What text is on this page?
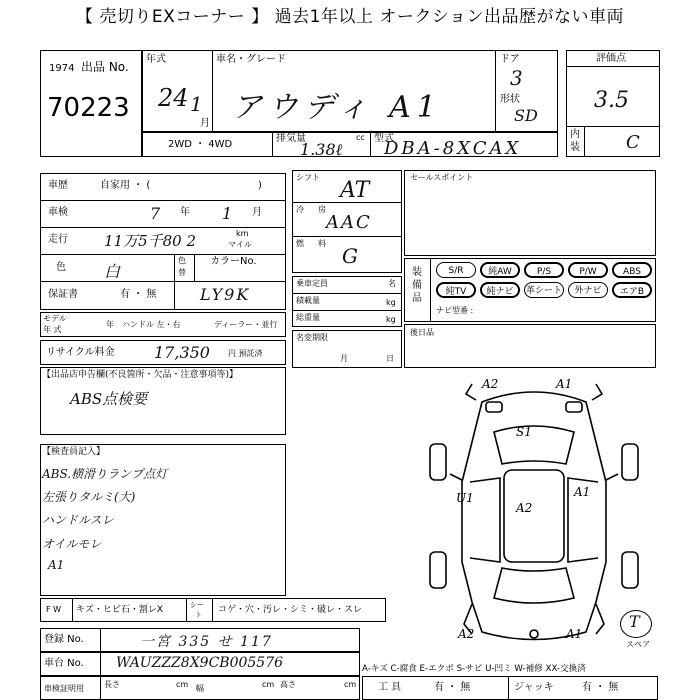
【 売切りEXコーナー 】 過去1年以上 オークション出品歴がない車両
1974 出品 No.
70223
年式
24 1
月
車名・グレード
アウディ A1
ドア
3
形状
SD
評価点
3.5
内
装	C
2WD ・ 4WD
排気量	cc
1.38ℓ
型式
DBA-8XCAX
車歴	自家用 ・ (	)
車検	7 年 1 月
走行 11万5千80 2	km
マイル
色 白
色
替
カラーNo.
保証書	有 ・ 無	LY9K
モデル
年 式
年 ハンドル 左・右	ディーラー・並行
リサイクル料金 17,350 円 預託済
【出品店申告欄(不良箇所・欠品・注意事項等)】
ABS点検要
【検査員記入】
ABS.横滑りランプ点灯
左張りタルミ(大)
ハンドルスレ
オイルモレ
A1
シフト
AT
冷 房
AAC
燃 料
G
乗車定員	名
積載量	kg
総重量	kg
名変期限
月	日
セールスポイント
装備品
S/R	純AW	P/S	P/W	ABS
純TV	純ナビ	革シート	外ナビ	エアB
ナビ型番 :
後日品
A2	A1
S1
U1
A2
A1
A2	A1
T
スペア
F W キズ・ヒビ石・割レX	シー
ト コゲ・穴・汚レ・シミ・破レ・スレ
登録 No.	一宮 335 せ 117
車台 No. WAUZZZ8X9CB005576	A-キズ C-腐食 E-エクボ S-サビ U-凹ミ W-補修 XX-交換済
車検証明用	長さ	cm 幅	cm 高さ	cm 工 具	有 ・ 無	ジャッキ	有 ・ 無
